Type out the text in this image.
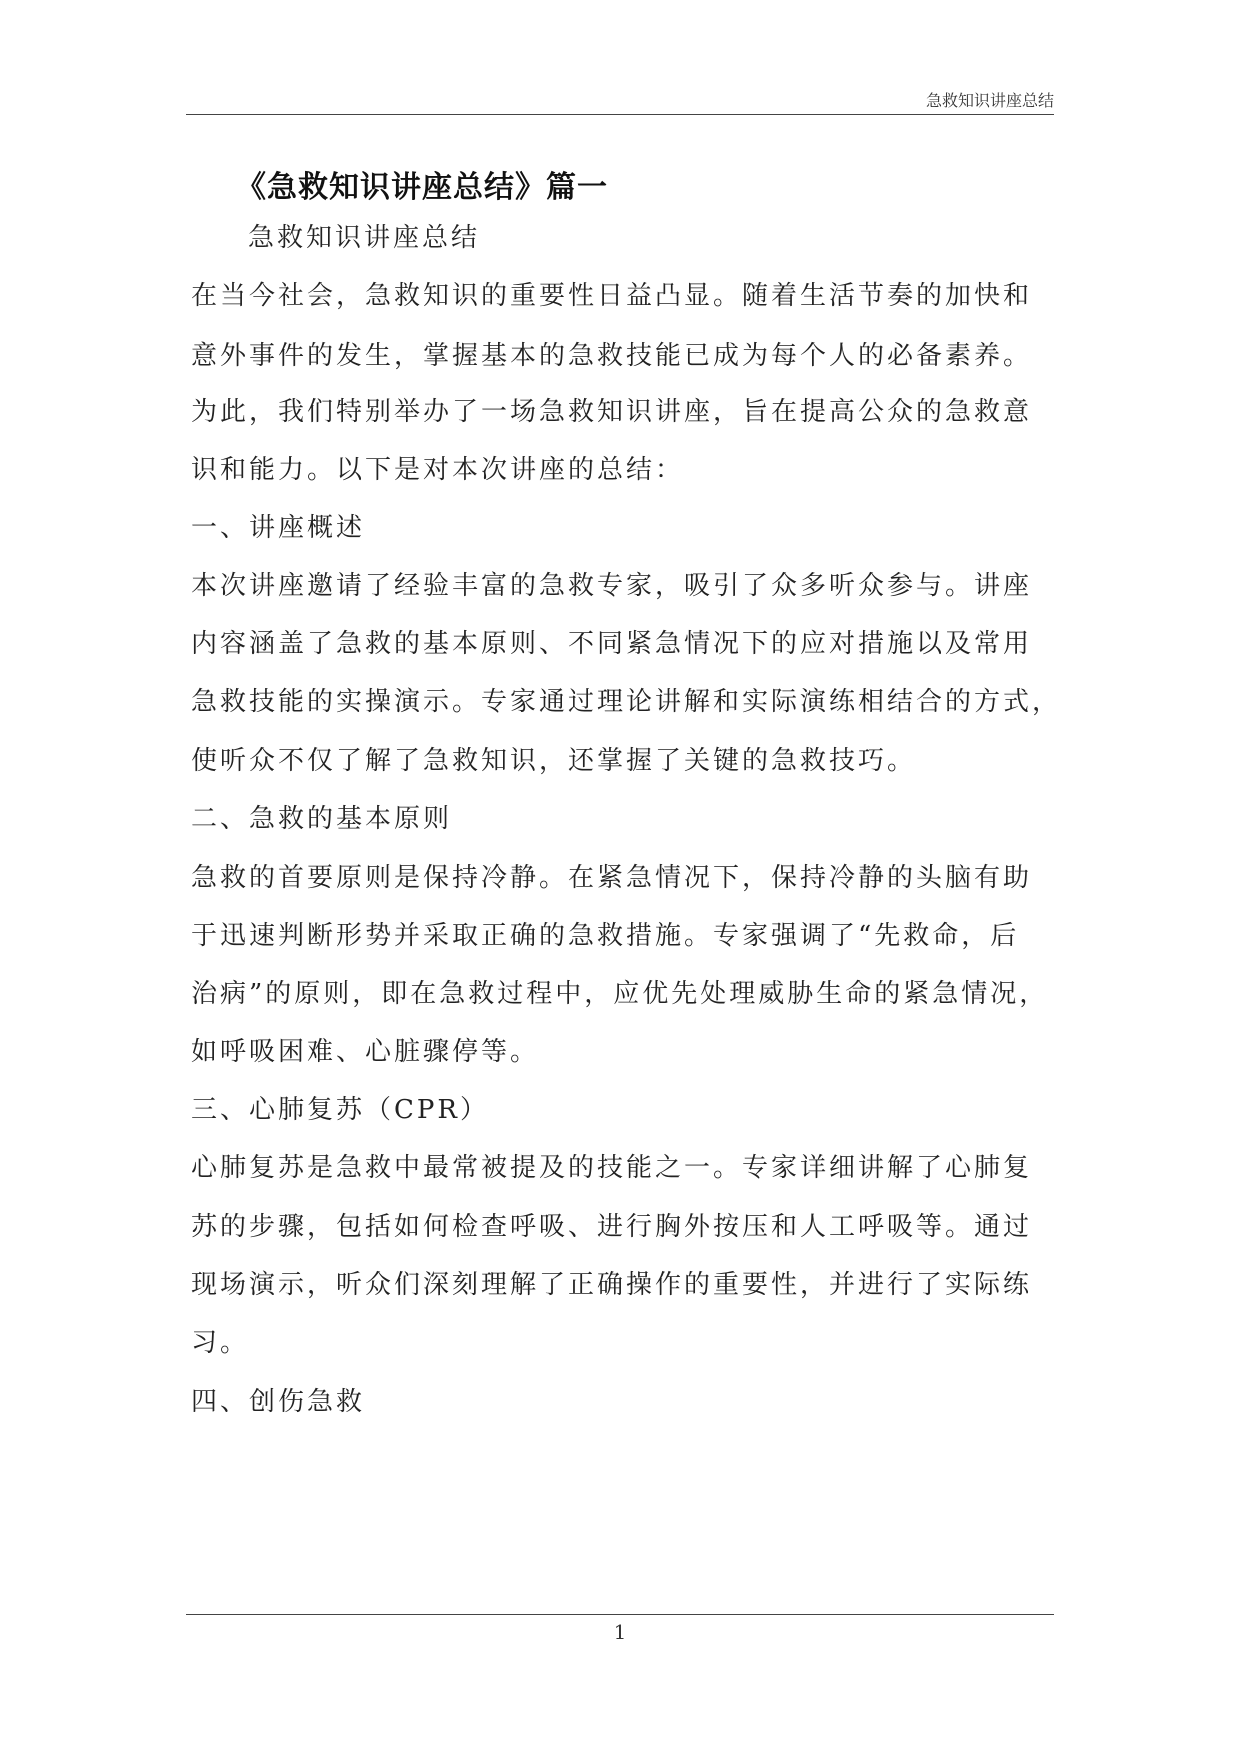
急救知识讲座总结
《急救知识讲座总结》篇一
急救知识讲座总结
在当今社会，急救知识的重要性日益凸显。随着生活节奏的加快和
意外事件的发生，掌握基本的急救技能已成为每个人的必备素养。
为此，我们特别举办了一场急救知识讲座，旨在提高公众的急救意
识和能力。以下是对本次讲座的总结：
一、讲座概述
本次讲座邀请了经验丰富的急救专家，吸引了众多听众参与。讲座
内容涵盖了急救的基本原则、不同紧急情况下的应对措施以及常用
急救技能的实操演示。专家通过理论讲解和实际演练相结合的方式，
使听众不仅了解了急救知识，还掌握了关键的急救技巧。
二、急救的基本原则
急救的首要原则是保持冷静。在紧急情况下，保持冷静的头脑有助
于迅速判断形势并采取正确的急救措施。专家强调了“先救命，后
治病”的原则，即在急救过程中，应优先处理威胁生命的紧急情况，
如呼吸困难、心脏骤停等。
三、心肺复苏（CPR）
心肺复苏是急救中最常被提及的技能之一。专家详细讲解了心肺复
苏的步骤，包括如何检查呼吸、进行胸外按压和人工呼吸等。通过
现场演示，听众们深刻理解了正确操作的重要性，并进行了实际练
习。
四、创伤急救
1
